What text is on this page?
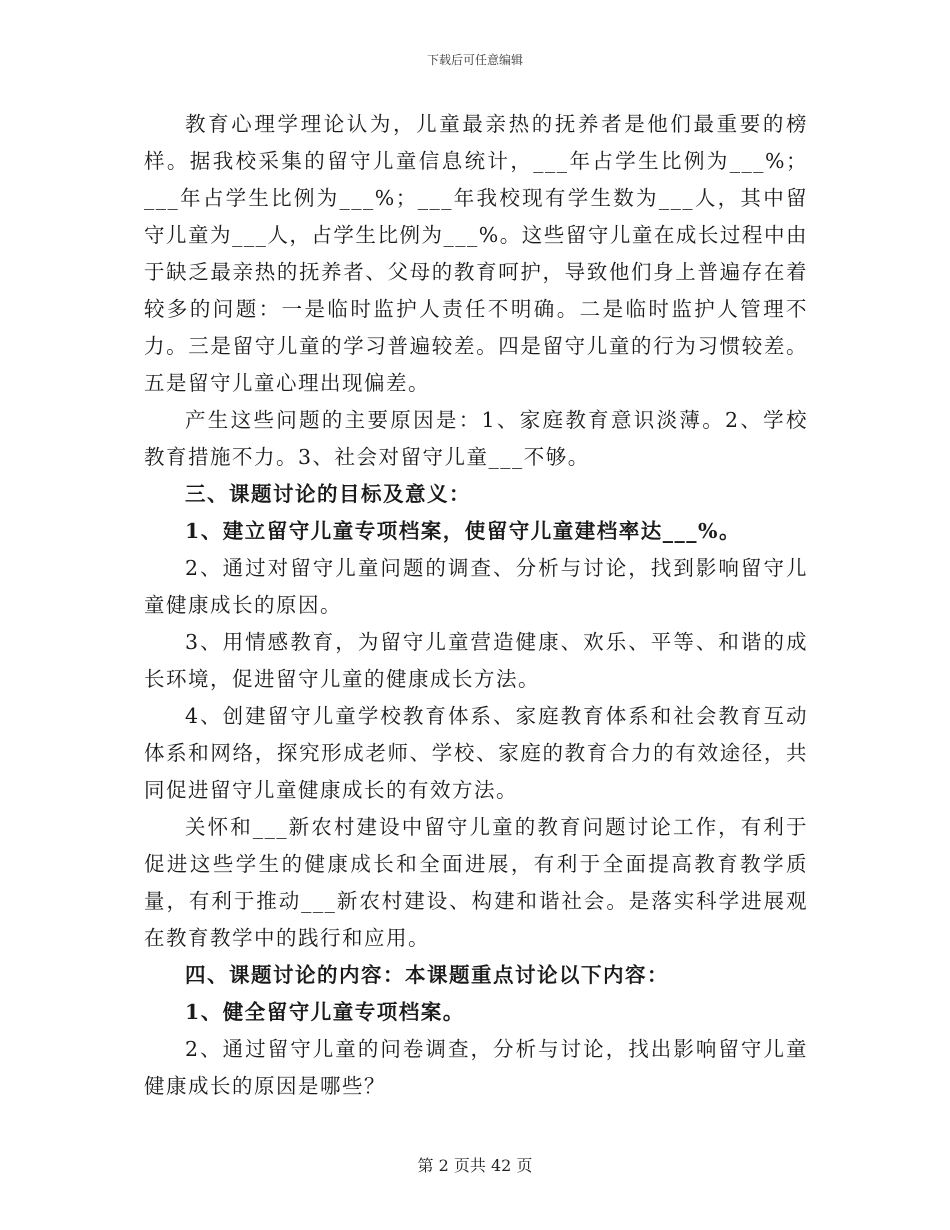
下载后可任意编辑

教育心理学理论认为，儿童最亲热的抚养者是他们最重要的榜样。据我校采集的留守儿童信息统计，___年占学生比例为___%；___年占学生比例为___%；___年我校现有学生数为___人，其中留守儿童为___人，占学生比例为___%。这些留守儿童在成长过程中由于缺乏最亲热的抚养者、父母的教育呵护，导致他们身上普遍存在着较多的问题：一是临时监护人责任不明确。二是临时监护人管理不力。三是留守儿童的学习普遍较差。四是留守儿童的行为习惯较差。五是留守儿童心理出现偏差。

产生这些问题的主要原因是：1、家庭教育意识淡薄。2、学校教育措施不力。3、社会对留守儿童___不够。

三、课题讨论的目标及意义：

1、建立留守儿童专项档案，使留守儿童建档率达___%。

2、通过对留守儿童问题的调查、分析与讨论，找到影响留守儿童健康成长的原因。

3、用情感教育，为留守儿童营造健康、欢乐、平等、和谐的成长环境，促进留守儿童的健康成长方法。

4、创建留守儿童学校教育体系、家庭教育体系和社会教育互动体系和网络，探究形成老师、学校、家庭的教育合力的有效途径，共同促进留守儿童健康成长的有效方法。

关怀和___新农村建设中留守儿童的教育问题讨论工作，有利于促进这些学生的健康成长和全面进展，有利于全面提高教育教学质量，有利于推动___新农村建设、构建和谐社会。是落实科学进展观在教育教学中的践行和应用。

四、课题讨论的内容：本课题重点讨论以下内容：

1、健全留守儿童专项档案。

2、通过留守儿童的问卷调查，分析与讨论，找出影响留守儿童健康成长的原因是哪些？

第 2 页共 42 页
